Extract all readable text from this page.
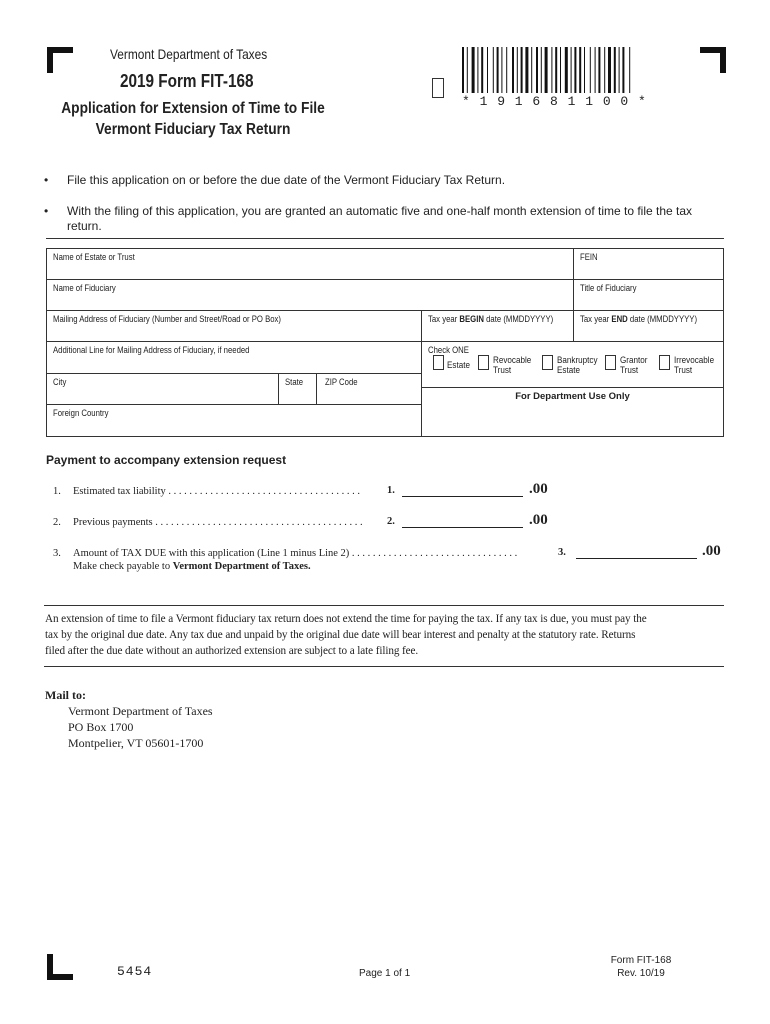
Vermont Department of Taxes
2019 Form FIT-168
Application for Extension of Time to File
Vermont Fiduciary Tax Return
* 1 9 1 6 8 1 1 0 0 *
• File this application on or before the due date of the Vermont Fiduciary Tax Return.
• With the filing of this application, you are granted an automatic five and one-half month extension of time to file the tax
return.
Name of Estate or Trust	FEIN
Name of Fiduciary	Title of Fiduciary
Mailing Address of Fiduciary (Number and Street/Road or PO Box)	Tax year BEGIN date (MMDDYYYY)	Tax year END date (MMDDYYYY)
Additional Line for Mailing Address of Fiduciary, if needed
City	State ZIP Code
Foreign Country
Check ONE
Estate	Revocable
Trust
Bankruptcy
Estate
Grantor
Trust
Irrevocable
Trust
For Department Use Only
Payment to accompany extension request
1. Estimated tax liability . . . . . . . . . . . . . . . . . . . . . . . . . . . . . . . . . . . . .	1.	.00
2. Previous payments . . . . . . . . . . . . . . . . . . . . . . . . . . . . . . . . . . . . . . . . 2.	.00
3. Amount of TAX DUE with this application (Line 1 minus Line 2) . . . . . . . . . . . . . . . . . . . . . . . . . . . . . . . .	3.	.00
Make check payable to Vermont Department of Taxes.
An extension of time to file a Vermont fiduciary tax return does not extend the time for paying the tax. If any tax is due, you must pay the
tax by the original due date. Any tax due and unpaid by the original due date will bear interest and penalty at the statutory rate. Returns
filed after the due date without an authorized extension are subject to a late filing fee.
Mail to:
Vermont Department of Taxes
PO Box 1700
Montpelier, VT 05601-1700
5454	Page 1 of 1
Form FIT-168
Rev. 10/19
